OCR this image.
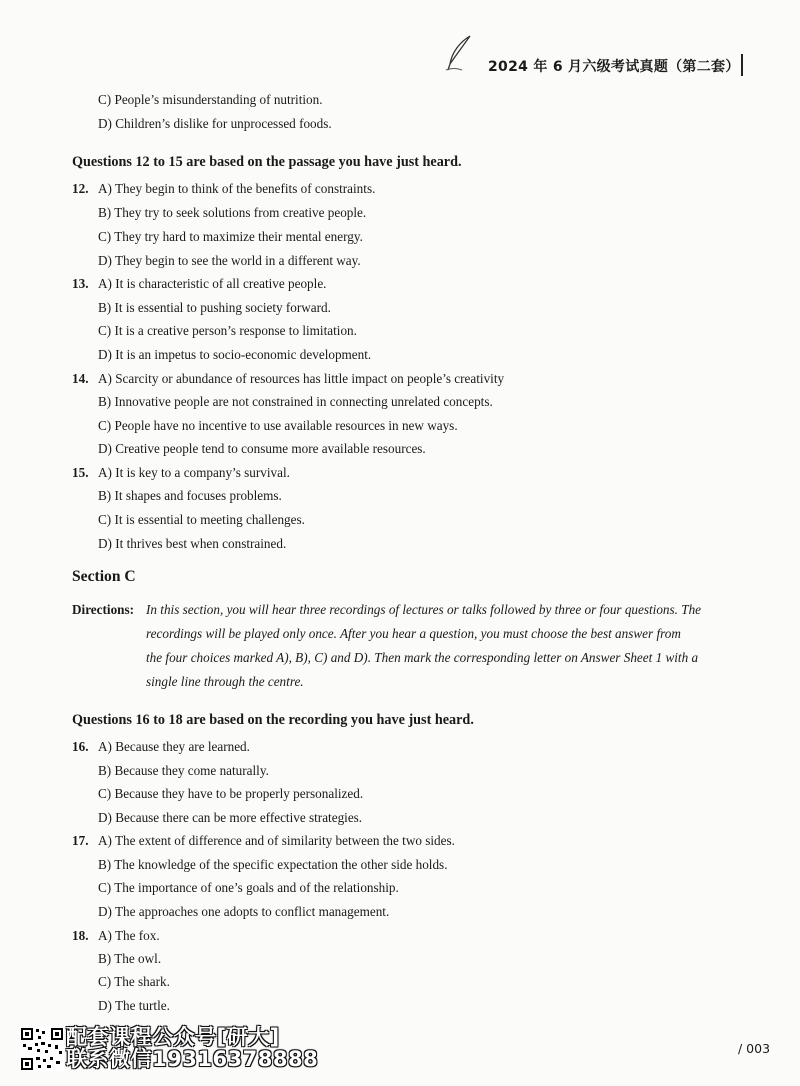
2024 年 6 月六级考试真题（第二套）
C) People’s misunderstanding of nutrition.
D) Children’s dislike for unprocessed foods.
Questions 12 to 15 are based on the passage you have just heard.
12. A) They begin to think of the benefits of constraints.
B) They try to seek solutions from creative people.
C) They try hard to maximize their mental energy.
D) They begin to see the world in a different way.
13. A) It is characteristic of all creative people.
B) It is essential to pushing society forward.
C) It is a creative person’s response to limitation.
D) It is an impetus to socio-economic development.
14. A) Scarcity or abundance of resources has little impact on people’s creativity
B) Innovative people are not constrained in connecting unrelated concepts.
C) People have no incentive to use available resources in new ways.
D) Creative people tend to consume more available resources.
15. A) It is key to a company’s survival.
B) It shapes and focuses problems.
C) It is essential to meeting challenges.
D) It thrives best when constrained.
Section C
Directions: In this section, you will hear three recordings of lectures or talks followed by three or four questions. The
recordings will be played only once. After you hear a question, you must choose the best answer from
the four choices marked A), B), C) and D). Then mark the corresponding letter on Answer Sheet 1 with a
single line through the centre.
Questions 16 to 18 are based on the recording you have just heard.
16. A) Because they are learned.
B) Because they come naturally.
C) Because they have to be properly personalized.
D) Because there can be more effective strategies.
17. A) The extent of difference and of similarity between the two sides.
B) The knowledge of the specific expectation the other side holds.
C) The importance of one’s goals and of the relationship.
D) The approaches one adopts to conflict management.
18. A) The fox.
B) The owl.
C) The shark.
D) The turtle.
配套课程公众号[研大]
联系微信19316378888	/ 003
